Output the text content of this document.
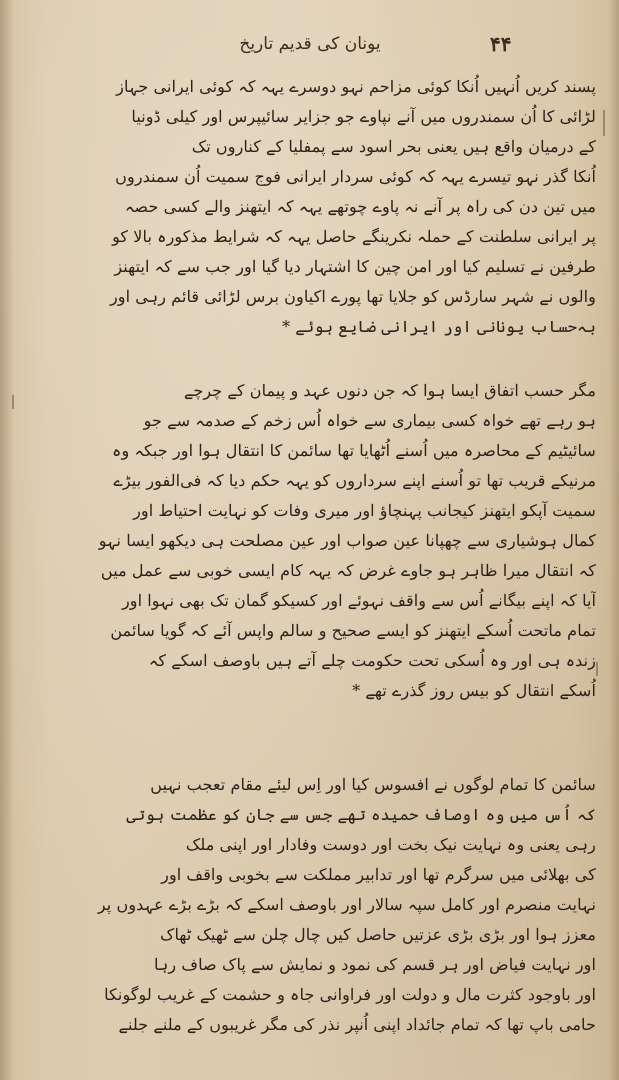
یونان کی قدیم تاریخ	۴۴
پسند کریں اُنہیں اُنکا کوئی مزاحم نہو دوسرے یہہ کہ کوئی ایرانی جہاز
لڑائی کا اُن سمندروں میں آنے نپاوے جو جزایر سائیپرس اور کیلی ڈونیا
کے درمیان واقع ہیں یعنی بحر اسود سے پمفلیا کے کناروں تک
اُنکا گذر نہو تیسرے یہہ کہ کوئی سردار ایرانی فوج سمیت اُن سمندروں
میں تین دن کی راہ پر آنے نہ پاوے چوتھے یہہ کہ ایتھنز والے کسی حصہ
پر ایرانی سلطنت کے حملہ نکرینگے حاصل یہہ کہ شرایط مذکورہ بالا کو
طرفین نے تسلیم کیا اور امن چین کا اشتہار دیا گیا اور جب سے کہ ایتھنز
والوں نے شہر سارڈس کو جلایا تھا پورے اکیاون برس لڑائی قائم رہی اور
بہ‌حساب یونانی اور ایرانی ضایع ہوئے *
مگر حسب اتفاق ایسا ہوا کہ جن دنوں عہد و پیمان کے چرچے
ہو رہے تھے خواہ کسی بیماری سے خواہ اُس زخم کے صدمہ سے جو
سائیٹیم کے محاصرہ میں اُسنے اُٹھایا تھا سائمن کا انتقال ہوا اور جبکہ وہ
مرنیکے قریب تھا تو اُسنے اپنے سرداروں کو یہہ حکم دیا کہ فی‌الفور بیڑے
سمیت آپکو ایتھنز کیجانب پہنچاؤ اور میری وفات کو نہایت احتیاط اور
کمال ہوشیاری سے چھپانا عین صواب اور عین مصلحت ہی دیکھو ایسا نہو
کہ انتقال میرا ظاہر ہو جاوے غرض کہ یہہ کام ایسی خوبی سے عمل میں
آیا کہ اپنے بیگانے اُس سے واقف نہوئے اور کسیکو گمان تک بھی نہوا اور
تمام ماتحت اُسکے ایتھنز کو ایسے صحیح و سالم واپس آئے کہ گویا سائمن
زندہ ہی اور وہ اُسکی تحت حکومت چلے آتے ہیں باوصف اسکے کہ
اُسکے انتقال کو بیس روز گذرے تھے *
سائمن کا تمام لوگوں نے افسوس کیا اور اِس لیئے مقام تعجب نہیں
کہ اُس میں وہ اوصاف حمیدہ تھے جس سے جان کو عظمت ہوتی
رہی یعنی وہ نہایت نیک بخت اور دوست وفادار اور اپنی ملک
کی بھلائی میں سرگرم تھا اور تدابیر مملکت سے بخوبی واقف اور
نہایت منصرم اور کامل سپہ سالار اور باوصف اسکے کہ بڑے بڑے عہدوں پر
معزز ہوا اور بڑی بڑی عزتیں حاصل کیں چال چلن سے ٹھیک ٹھاک
اور نہایت فیاض اور ہر قسم کی نمود و نمایش سے پاک صاف رہا
اور باوجود کثرت مال و دولت اور فراوانی جاہ و حشمت کے غریب لوگونکا
حامی باپ تھا کہ تمام جائداد اپنی اُنپر نذر کی مگر غریبوں کے ملنے جلنے
